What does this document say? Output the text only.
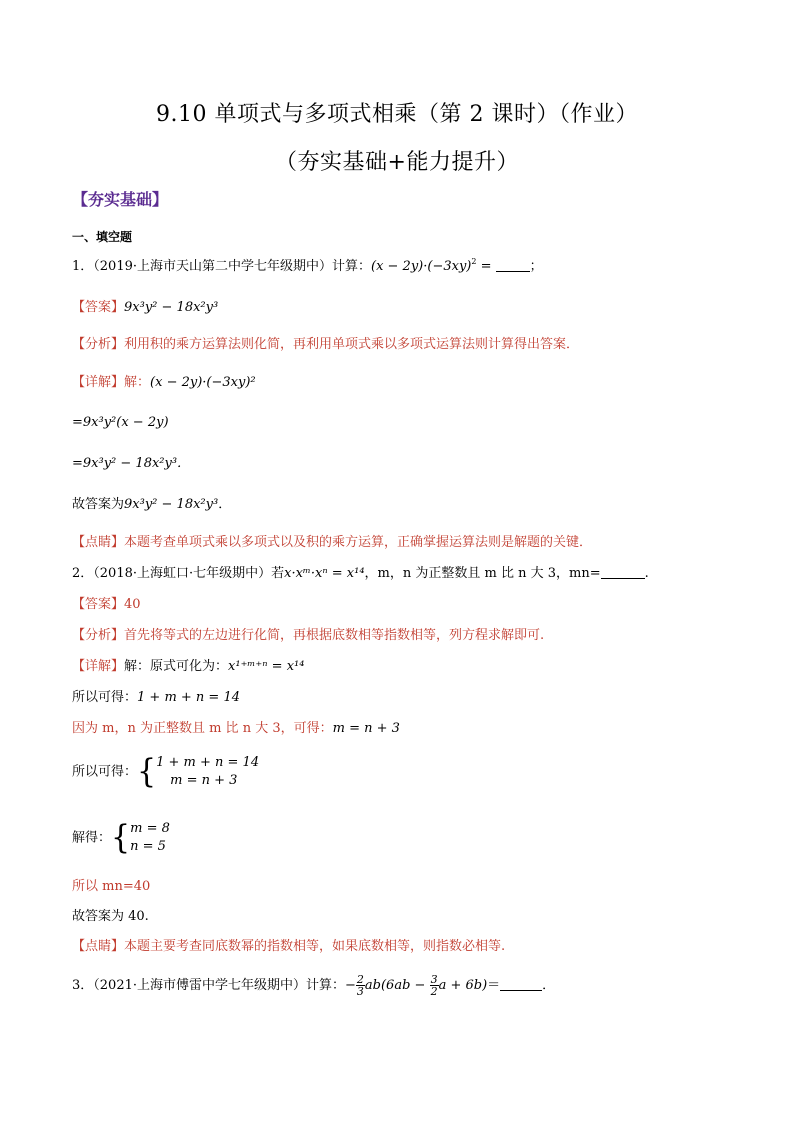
9.10 单项式与多项式相乘（第 2 课时）（作业）
（夯实基础+能力提升）
【夯实基础】
一、填空题
1．（2019·上海市天山第二中学七年级期中）计算：$(x - 2y)\cdot(-3xy)^2$ =	；
【答案】9x³y² − 18x²y³
【分析】利用积的乘方运算法则化简，再利用单项式乘以多项式运算法则计算得出答案．
【详解】解：(x − 2y)·(−3xy)²
=9x³y²(x − 2y)
=9x³y² − 18x²y³．
故答案为9x³y² − 18x²y³．
【点睛】本题考查单项式乘以多项式以及积的乘方运算，正确掌握运算法则是解题的关键．
2．（2018·上海虹口·七年级期中）若x·xᵐ·xⁿ = x¹⁴，m，n 为正整数且 m 比 n 大 3，mn=	.
【答案】40
【分析】首先将等式的左边进行化简，再根据底数相等指数相等，列方程求解即可.
【详解】解：原式可化为：x¹⁺ᵐ⁺ⁿ = x¹⁴
所以可得：1 + m + n = 14
因为 m，n 为正整数且 m 比 n 大 3，可得：m = n + 3
所以可得：{ 1 + m + n = 14
m = n + 3
解得：{ m = 8
n = 5
所以 mn=40
故答案为 40.
【点睛】本题主要考查同底数幂的指数相等，如果底数相等，则指数必相等.
3．（2021·上海市傅雷中学七年级期中）计算：− $\frac{2}{3} ab(6ab - \frac{3}{2}$ a + 6b)＝	．
